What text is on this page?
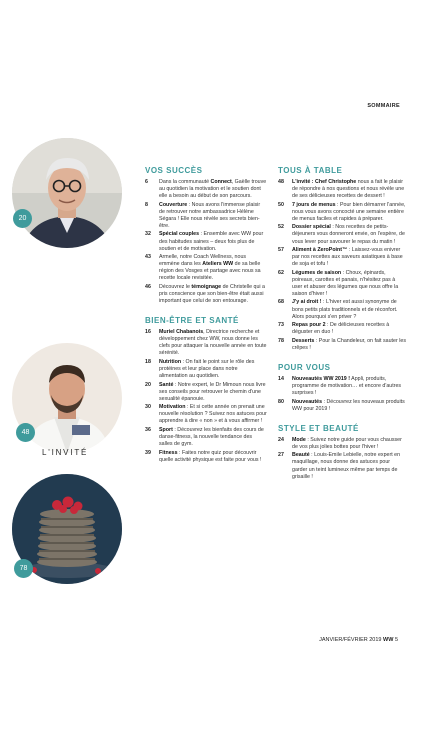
SOMMAIRE
20
48
L'INVITÉ
78
VOS SUCCÈS
6	Dans la communauté Connect, Gaëlle trouve au quotidien la motivation et le soutien dont elle a besoin au début de son parcours.
8	Couverture : Nous avons l'immense plaisir de retrouver notre ambassadrice Hélène Ségara ! Elle nous révèle ses secrets bien-être.
32	Spécial couples : Ensemble avec WW pour des habitudes saines – deux fois plus de soutien et de motivation.
43	Armelle, notre Coach Wellness, nous emmène dans les Ateliers WW de sa belle région des Vosges et partage avec nous sa recette locale revisitée.
46	Découvrez le témoignage de Christelle qui a pris conscience que son bien-être était aussi important que celui de son entourage.
BIEN-ÊTRE ET SANTÉ
16	Muriel Chabanois, Directrice recherche et développement chez WW, nous donne les clefs pour attaquer la nouvelle année en toute sérénité.
18	Nutrition : On fait le point sur le rôle des protéines et leur place dans notre alimentation au quotidien.
20	Santé : Notre expert, le Dr Mimoun nous livre ses conseils pour retrouver le chemin d'une sexualité épanouie.
30	Motivation : Et si cette année on prenait une nouvelle résolution ? Suivez nos astuces pour apprendre à dire « non » et à vous affirmer !
36	Sport : Découvrez les bienfaits des cours de danse-fitness, la nouvelle tendance des salles de gym.
39	Fitness : Faites notre quiz pour découvrir quelle activité physique est faite pour vous !
TOUS À TABLE
48	L'invité : Chef Christophe nous a fait le plaisir de répondre à nos questions et nous révèle une de ses délicieuses recettes de dessert !
50	7 jours de menus : Pour bien démarrer l'année, nous vous avons concocté une semaine entière de menus faciles et rapides à préparer.
52	Dossier spécial : Nos recettes de petits-déjeuners vous donneront envie, on l'espère, de vous lever pour savourer le repas du matin !
57	Aliment à ZeroPoint™ : Laissez-vous enivrer par nos recettes aux saveurs asiatiques à base de soja et tofu !
62	Légumes de saison : Choux, épinards, poireaux, carottes et panais, n'hésitez pas à user et abuser des légumes que nous offre la saison d'hiver !
68	J'y ai droit ! : L'hiver est aussi synonyme de bons petits plats traditionnels et de réconfort. Alors pourquoi s'en priver ?
73	Repas pour 2 : De délicieuses recettes à déguster en duo !
78	Desserts : Pour la Chandeleur, on fait sauter les crêpes !
POUR VOUS
14	Nouveautés WW 2019 ! Appli, produits, programme de motivation… et encore d'autres surprises !
80	Nouveautés : Découvrez les nouveaux produits WW pour 2019 !
STYLE ET BEAUTÉ
24	Mode : Suivez notre guide pour vous chausser de vos plus jolies bottes pour l'hiver !
27	Beauté : Louis-Emile Lebielle, notre expert en maquillage, nous donne des astuces pour garder un teint lumineux même par temps de grisaille !
JANVIER/FÉVRIER 2019 WW 5
